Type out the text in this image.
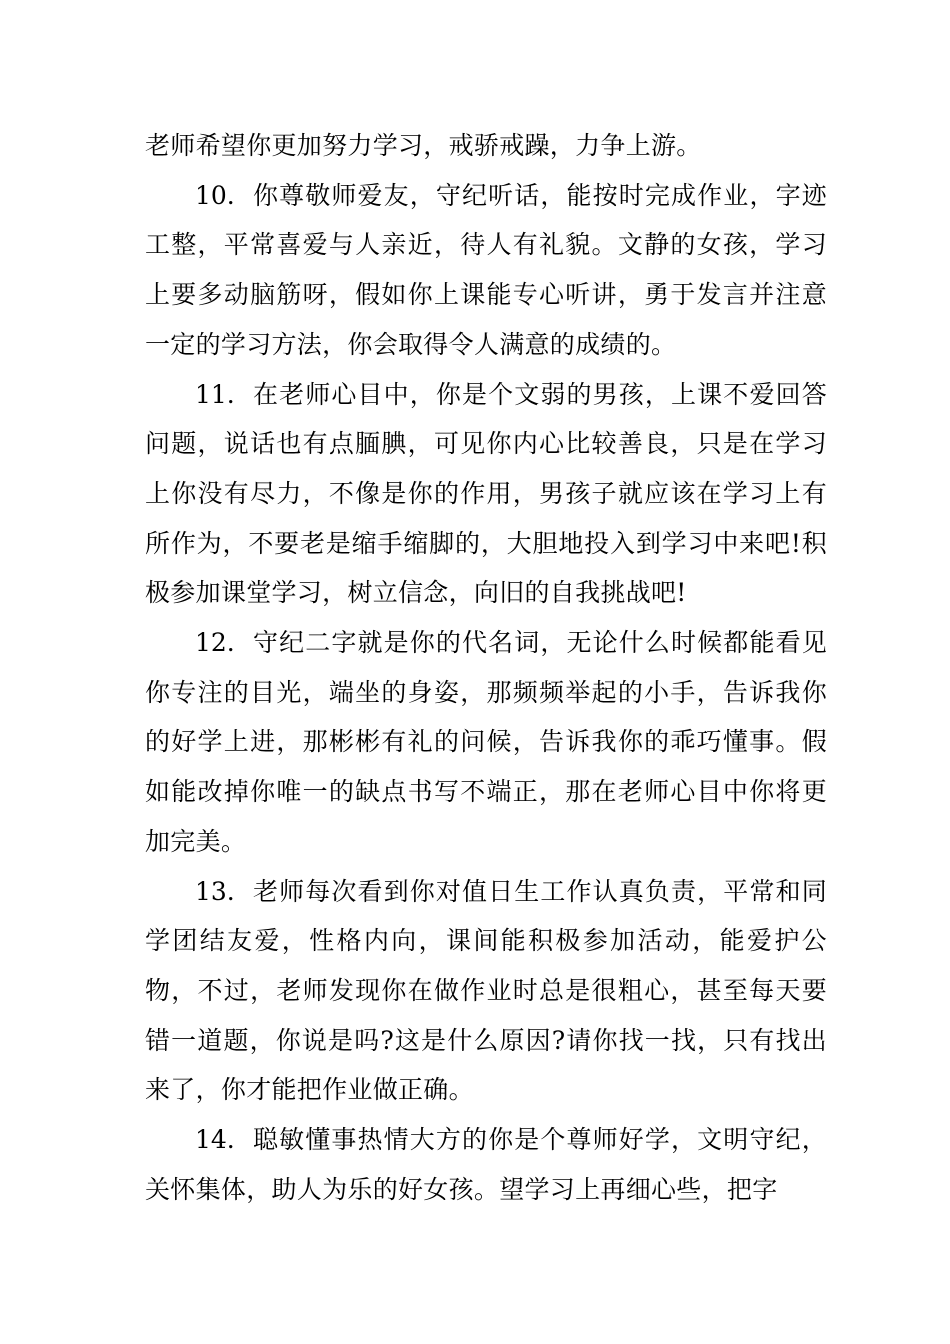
老师希望你更加努力学习，戒骄戒躁，力争上游。

10. 你尊敬师爱友，守纪听话，能按时完成作业，字迹工整，平常喜爱与人亲近，待人有礼貌。文静的女孩，学习上要多动脑筋呀，假如你上课能专心听讲，勇于发言并注意一定的学习方法，你会取得令人满意的成绩的。

11. 在老师心目中，你是个文弱的男孩，上课不爱回答问题，说话也有点腼腆，可见你内心比较善良，只是在学习上你没有尽力，不像是你的作用，男孩子就应该在学习上有所作为，不要老是缩手缩脚的，大胆地投入到学习中来吧!积极参加课堂学习，树立信念，向旧的自我挑战吧!

12. 守纪二字就是你的代名词，无论什么时候都能看见你专注的目光，端坐的身姿，那频频举起的小手，告诉我你的好学上进，那彬彬有礼的问候，告诉我你的乖巧懂事。假如能改掉你唯一的缺点书写不端正，那在老师心目中你将更加完美。

13. 老师每次看到你对值日生工作认真负责，平常和同学团结友爱，性格内向，课间能积极参加活动，能爱护公物，不过，老师发现你在做作业时总是很粗心，甚至每天要错一道题，你说是吗?这是什么原因?请你找一找，只有找出来了，你才能把作业做正确。

14. 聪敏懂事热情大方的你是个尊师好学，文明守纪，关怀集体，助人为乐的好女孩。望学习上再细心些，把字
